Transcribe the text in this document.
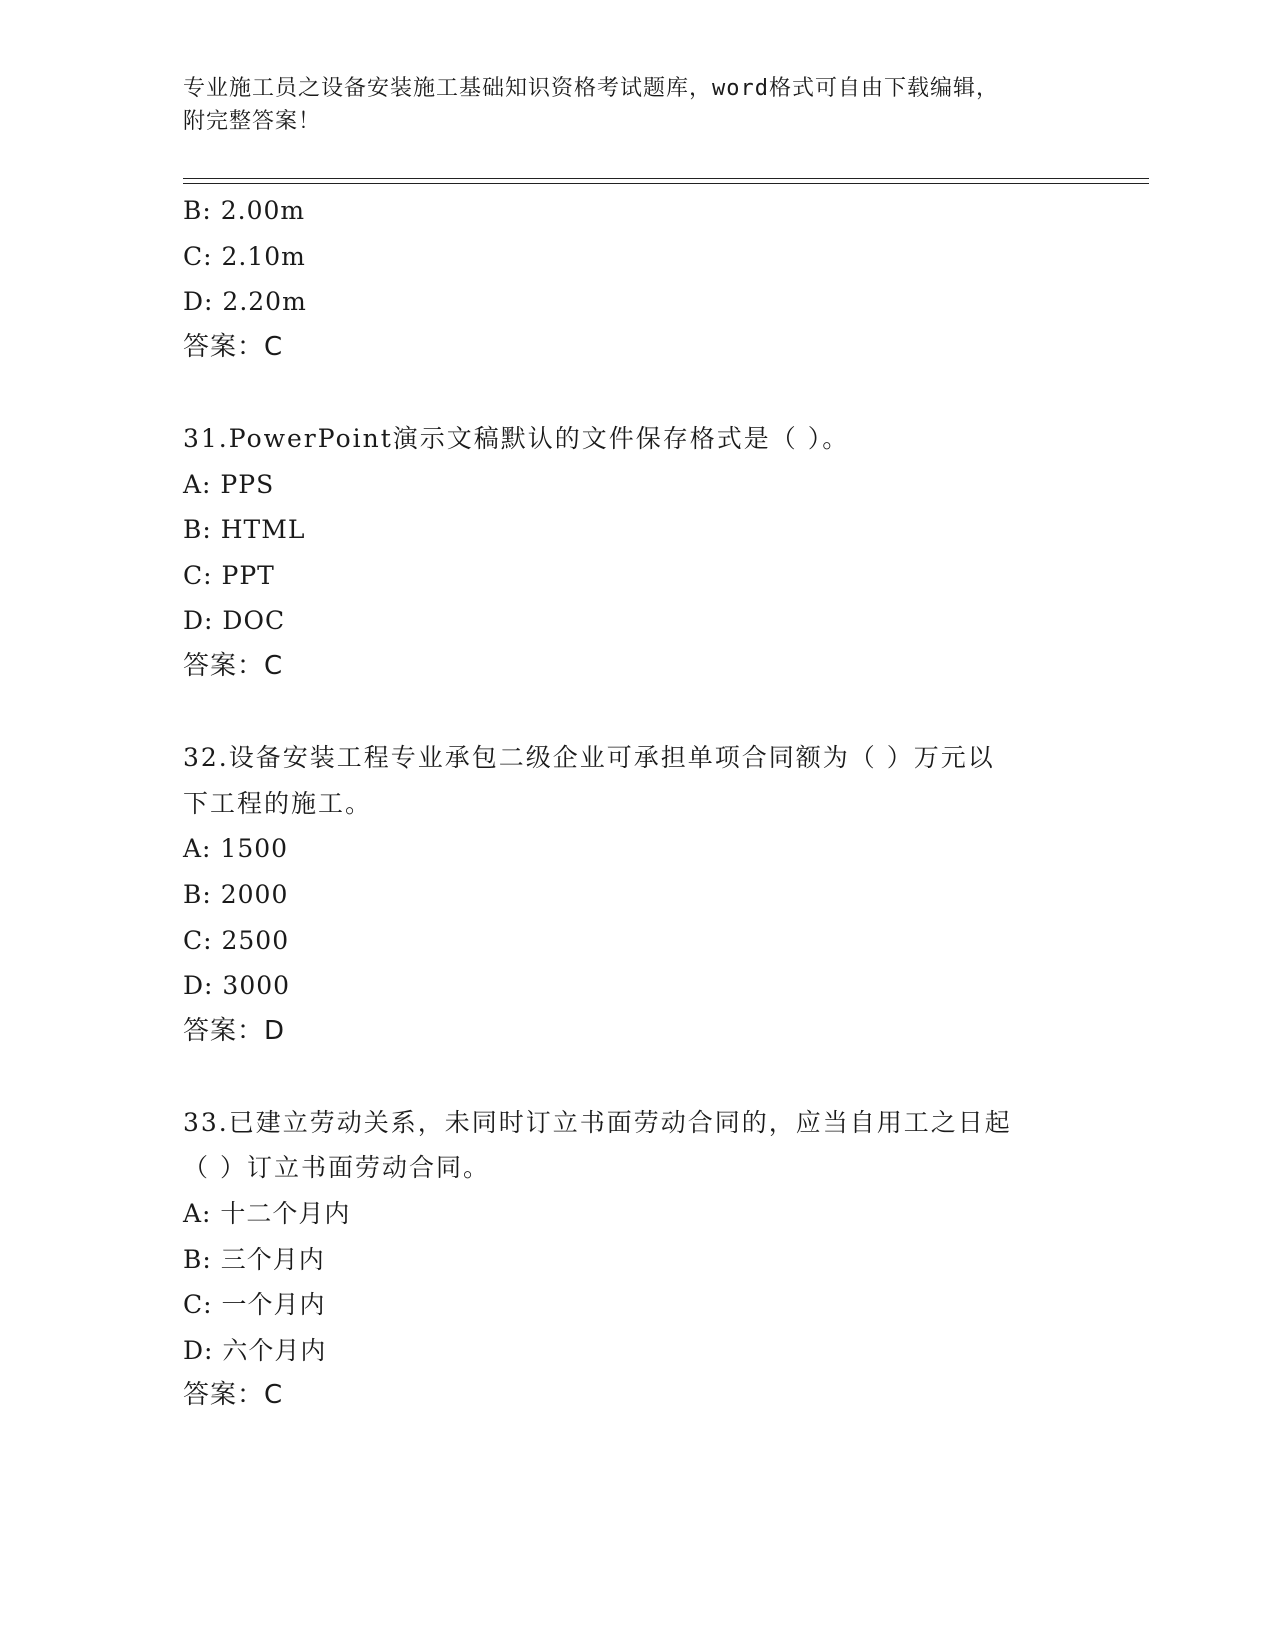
专业施工员之设备安装施工基础知识资格考试题库，word格式可自由下载编辑，
附完整答案！
B: 2.00m
C: 2.10m
D: 2.20m
答案：C
31.PowerPoint演示文稿默认的文件保存格式是（ ）。
A: PPS
B: HTML
C: PPT
D: DOC
答案：C
32.设备安装工程专业承包二级企业可承担单项合同额为（ ）万元以
下工程的施工。
A: 1500
B: 2000
C: 2500
D: 3000
答案：D
33.已建立劳动关系，未同时订立书面劳动合同的，应当自用工之日起
（ ）订立书面劳动合同。
A: 十二个月内
B: 三个月内
C: 一个月内
D: 六个月内
答案：C
